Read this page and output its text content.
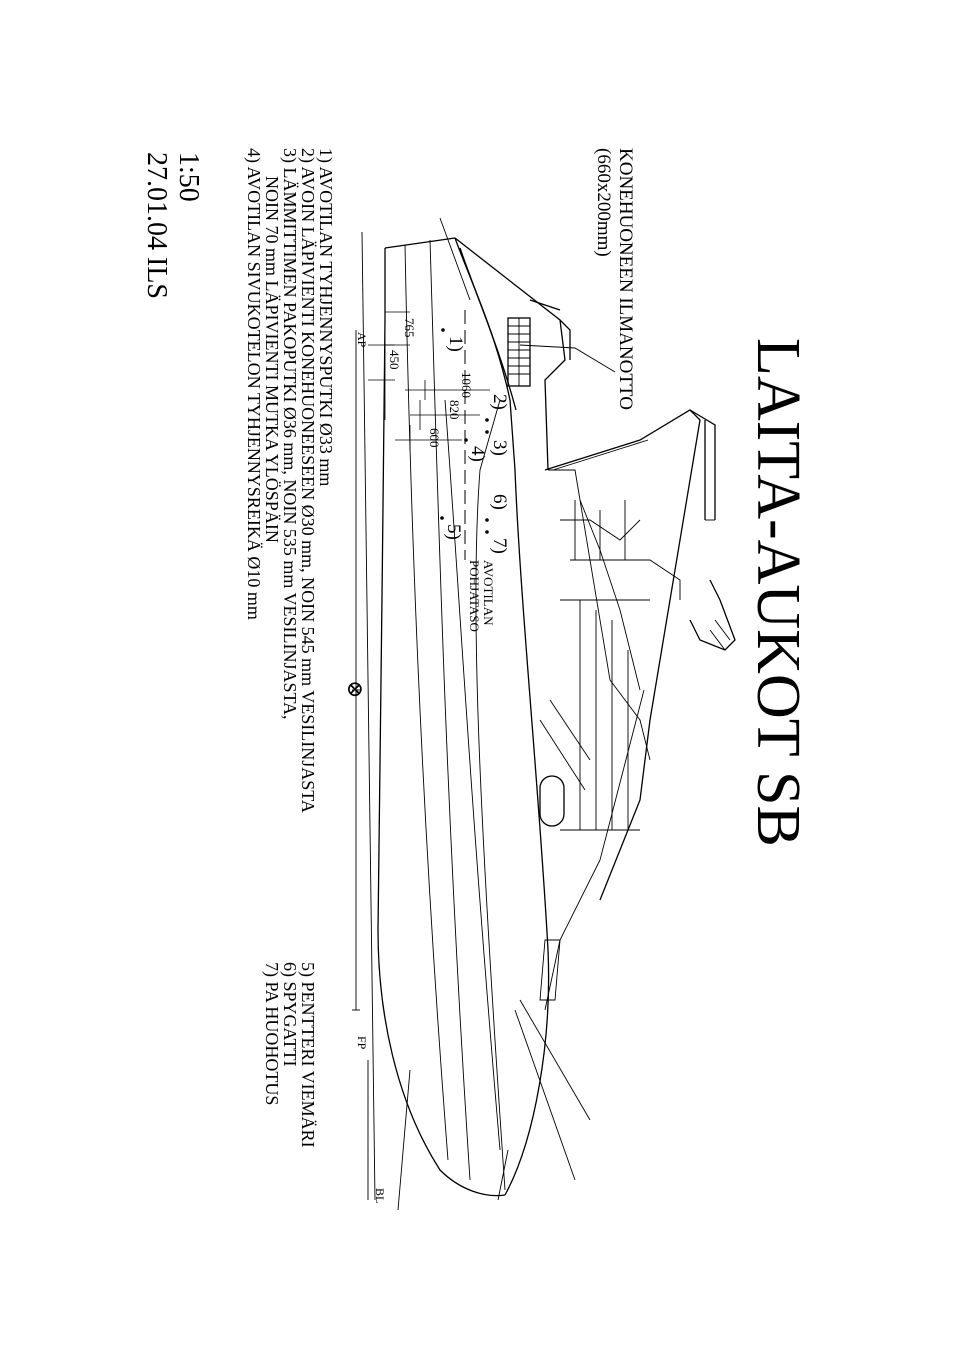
LAITA-AUKOT SB
KONEHUONEEN ILMANOTTO
(660x200mm)
1) AVOTILAN TYHJENNYSPUTKI Ø33 mm
2) AVOIN LÄPIVIENTI KONEHUONEESEEN Ø30 mm, NOIN 545 mm VESILINJASTA
3) LÄMMITTIMEN PAKOPUTKI Ø36 mm, NOIN 535 mm VESILINJASTA,
NOIN 70 mm LÄPIVIENTI MUTKA YLÖSPÄIN
4) AVOTILAN SIVUKOTELON TYHJENNYSREIKÄ Ø10 mm
5) PENTTERI VIEMÄRI
6) SPYGATTI
7) PA HUOHOTUS
1:50
27.01.04 ILS
AVOTILAN
POHJATASO
AP
FP
BL
⊗
765
450
1060
820
600
1)
2)
3)
4)
5)
6)
7)
